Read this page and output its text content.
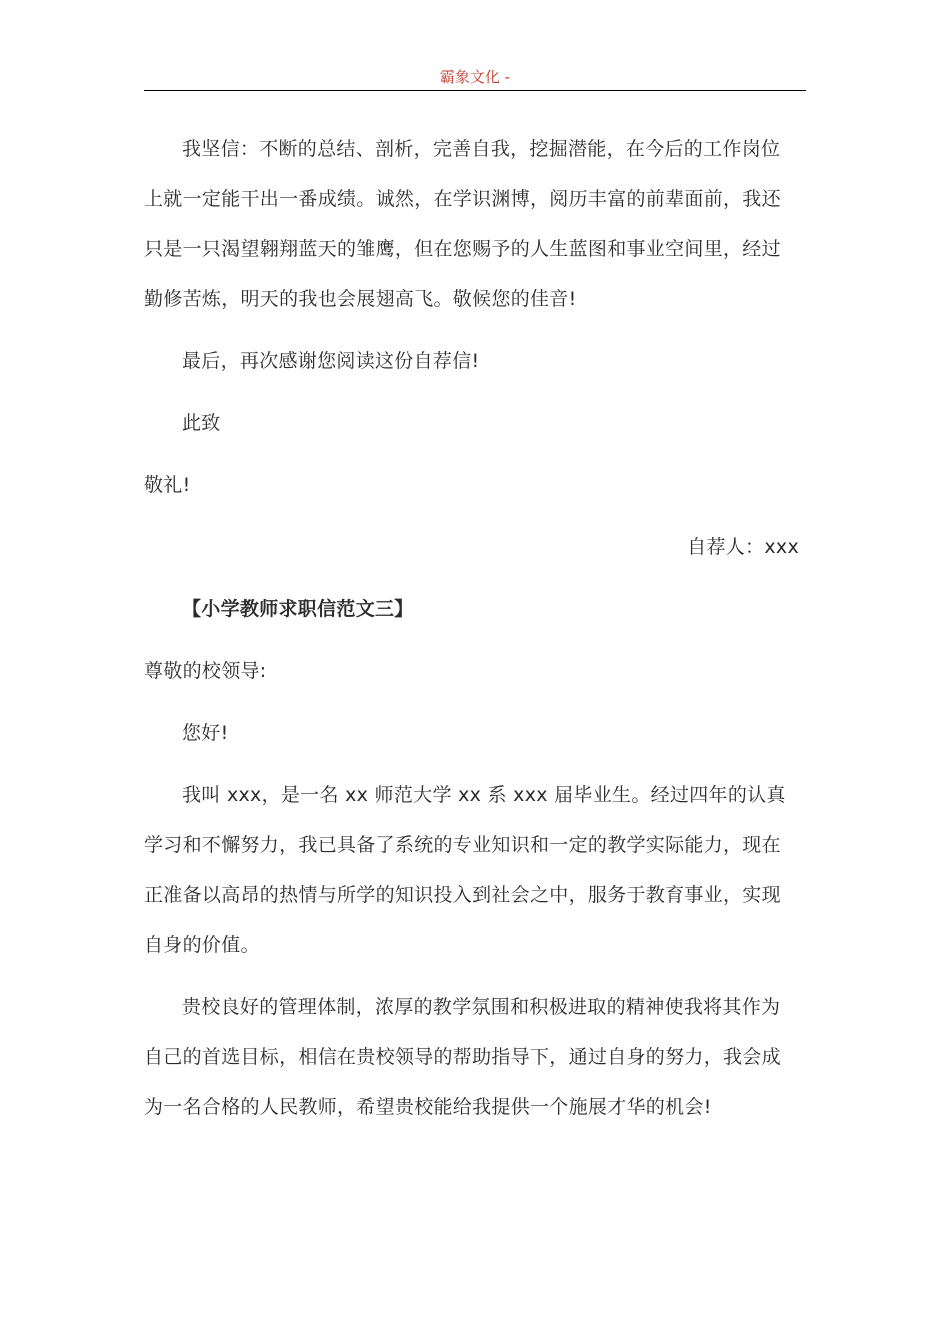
霸象文化 -

我坚信：不断的总结、剖析，完善自我，挖掘潜能，在今后的工作岗位上就一定能干出一番成绩。诚然，在学识渊博，阅历丰富的前辈面前，我还只是一只渴望翱翔蓝天的雏鹰，但在您赐予的人生蓝图和事业空间里，经过勤修苦炼，明天的我也会展翅高飞。敬候您的佳音!

最后，再次感谢您阅读这份自荐信!

此致

敬礼!

自荐人：xxx

【小学教师求职信范文三】

尊敬的校领导:

您好!

我叫 xxx，是一名 xx 师范大学 xx 系 xxx 届毕业生。经过四年的认真学习和不懈努力，我已具备了系统的专业知识和一定的教学实际能力，现在正准备以高昂的热情与所学的知识投入到社会之中，服务于教育事业，实现自身的价值。

贵校良好的管理体制，浓厚的教学氛围和积极进取的精神使我将其作为自己的首选目标，相信在贵校领导的帮助指导下，通过自身的努力，我会成为一名合格的人民教师，希望贵校能给我提供一个施展才华的机会!
